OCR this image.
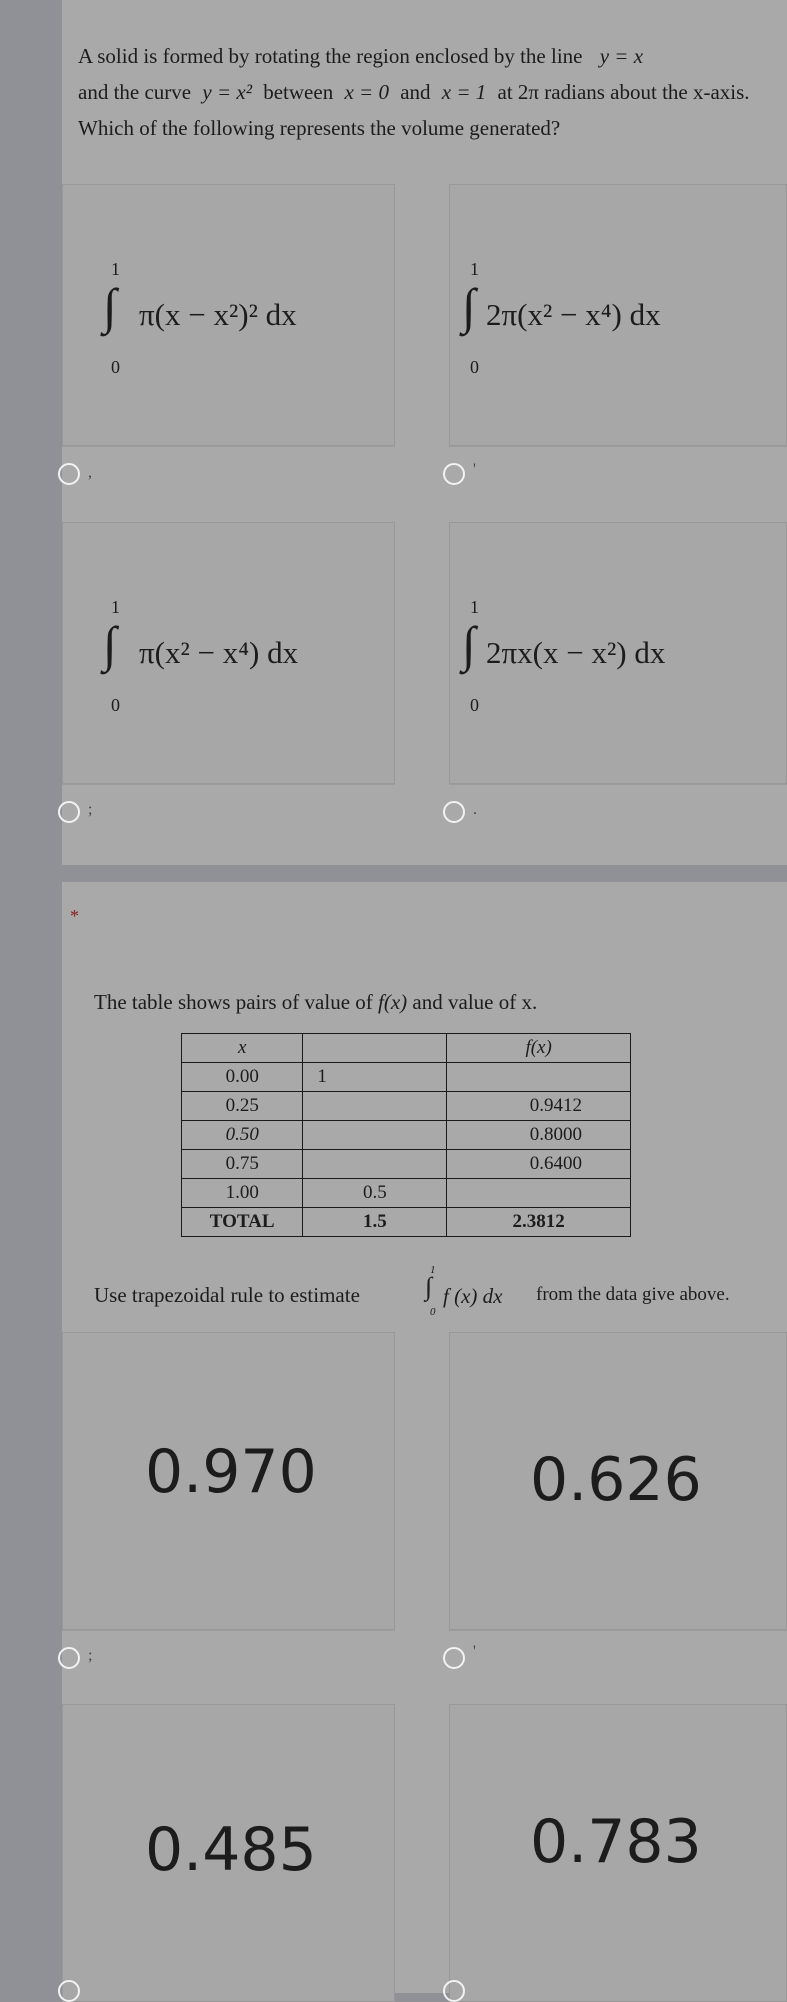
A solid is formed by rotating the region enclosed by the line y = x
and the curve y = x² between x = 0 and x = 1 at 2π radians about the x-axis.
Which of the following represents the volume generated?
1
∫
0
π(x − x²)² dx
,
1
∫
0
2π(x² − x⁴) dx
'
1
∫
0
π(x² − x⁴) dx
;
1
∫
0
2πx(x − x²) dx
.
0.970
;
0.626
'
0.485	0.783
*
The table shows pairs of value of f(x) and value of x.
x		f(x)
0.00	1	
0.25		0.9412
0.50		0.8000
0.75		0.6400
1.00	0.5	
TOTAL	1.5	2.3812
Use trapezoidal rule to estimate
1
∫
0
f (x) dx from the data give above.
